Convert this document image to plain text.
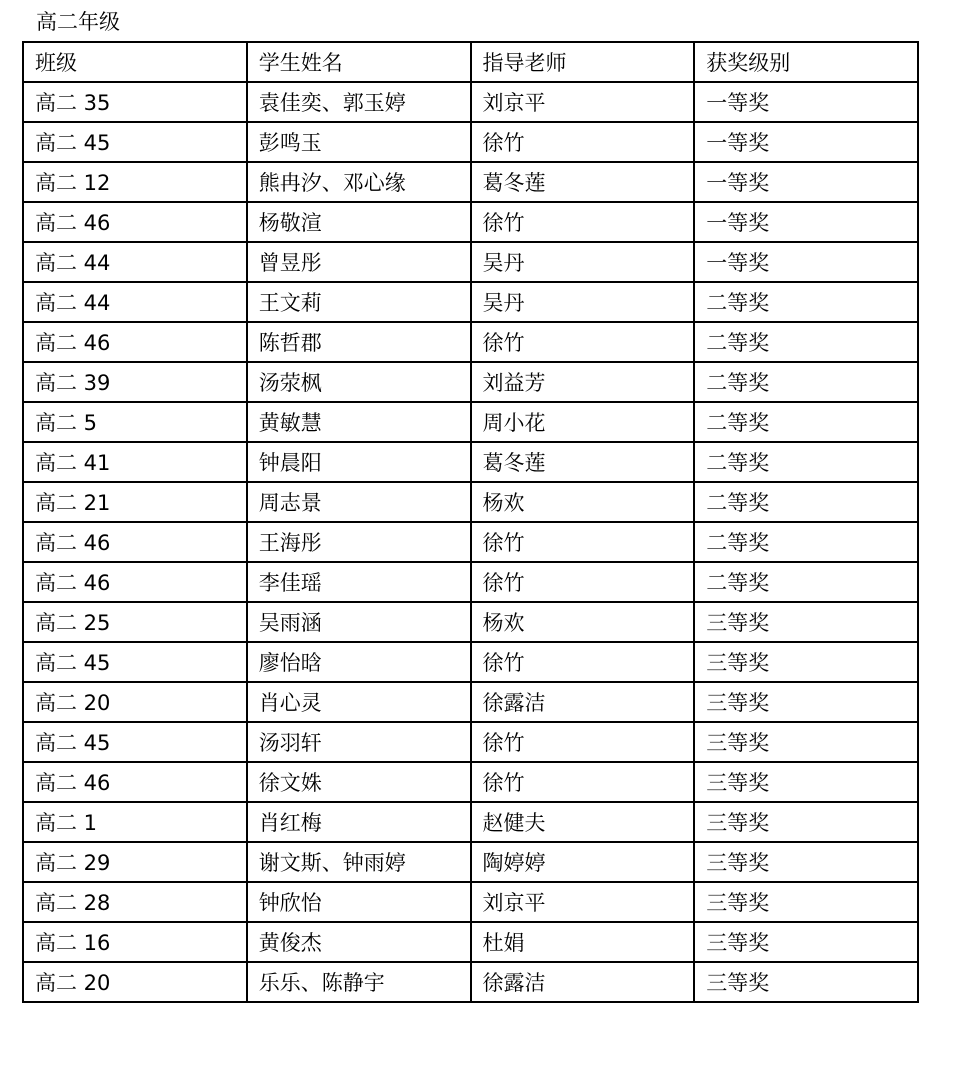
高二年级
班级	学生姓名	指导老师	获奖级别
高二 35	袁佳奕、郭玉婷	刘京平	一等奖
高二 45	彭鸣玉	徐竹	一等奖
高二 12	熊冉汐、邓心缘	葛冬莲	一等奖
高二 46	杨敬渲	徐竹	一等奖
高二 44	曾昱彤	吴丹	一等奖
高二 44	王文莉	吴丹	二等奖
高二 46	陈哲郡	徐竹	二等奖
高二 39	汤荥枫	刘益芳	二等奖
高二 5	黄敏慧	周小花	二等奖
高二 41	钟晨阳	葛冬莲	二等奖
高二 21	周志景	杨欢	二等奖
高二 46	王海彤	徐竹	二等奖
高二 46	李佳瑶	徐竹	二等奖
高二 25	吴雨涵	杨欢	三等奖
高二 45	廖怡晗	徐竹	三等奖
高二 20	肖心灵	徐露洁	三等奖
高二 45	汤羽轩	徐竹	三等奖
高二 46	徐文姝	徐竹	三等奖
高二 1	肖红梅	赵健夫	三等奖
高二 29	谢文斯、钟雨婷	陶婷婷	三等奖
高二 28	钟欣怡	刘京平	三等奖
高二 16	黄俊杰	杜娟	三等奖
高二 20	乐乐、陈静宇	徐露洁	三等奖
